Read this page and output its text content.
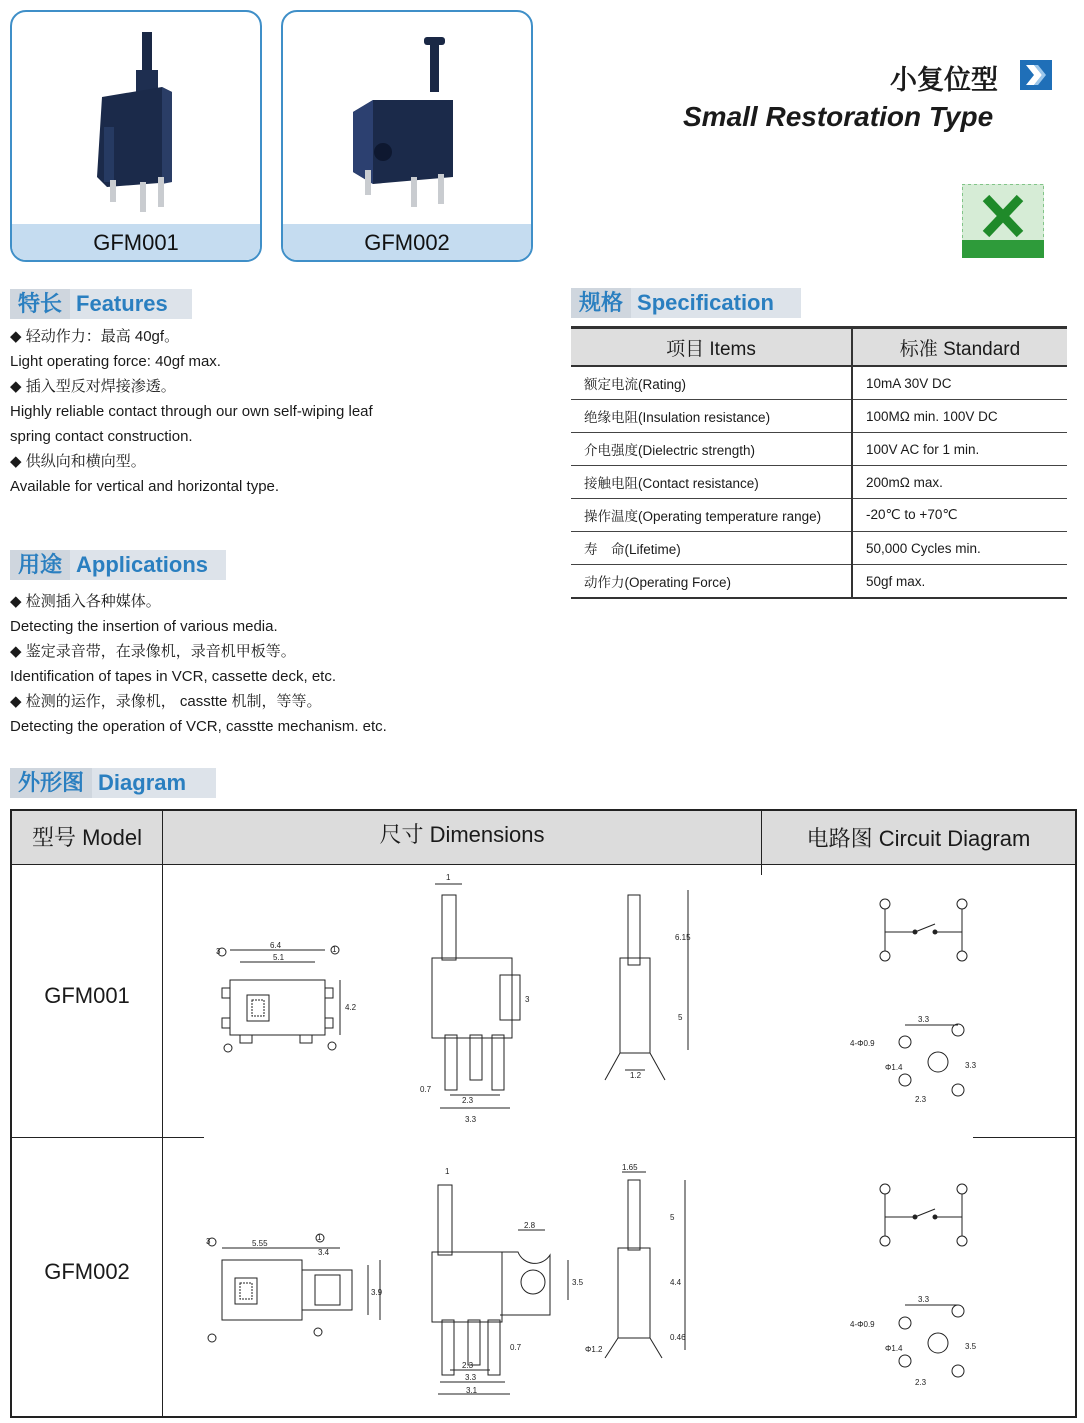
GFM001	GFM002
小复位型
Small Restoration Type
特长 Features
◆ 轻动作力：最高 40gf。
Light operating force: 40gf max.
◆ 插入型反对焊接渗透。
Highly reliable contact through our own self-wiping leaf
spring contact construction.
◆ 供纵向和横向型。
Available for vertical and horizontal type.
用途 Applications
◆ 检测插入各种媒体。
Detecting the insertion of various media.
◆ 鉴定录音带，在录像机，录音机甲板等。
Identification of tapes in VCR, cassette deck, etc.
◆ 检测的运作，录像机， casstte 机制，等等。
Detecting the operation of VCR, casstte mechanism. etc.
规格 Specification
项目 Items	标准 Standard
额定电流(Rating)	10mA 30V DC
绝缘电阻(Insulation resistance)	100MΩ min. 100V DC
介电强度(Dielectric strength)	100V AC for 1 min.
接触电阻(Contact resistance)	200mΩ max.
操作温度(Operating temperature range)	-20℃ to +70℃
寿　命(Lifetime)	50,000 Cycles min.
动作力(Operating Force)	50gf max.
外形图 Diagram
型号 Model	尺寸 Dimensions	电路图 Circuit Diagram
GFM001
GFM002
6.4
5.1
4.2
1
3
0.7
2.3
3.3
6.15
5
1.2
3	1
3.3
4-Φ0.9
Φ1.4
2.3
3.3
5.55
3.4
3.9
1
2.8
3.5
0.7
2.3
3.3
3.1
1.65
5
4.4
0.46
Φ1.2
3	1
3.3
4-Φ0.9
Φ1.4
2.3
3.5
